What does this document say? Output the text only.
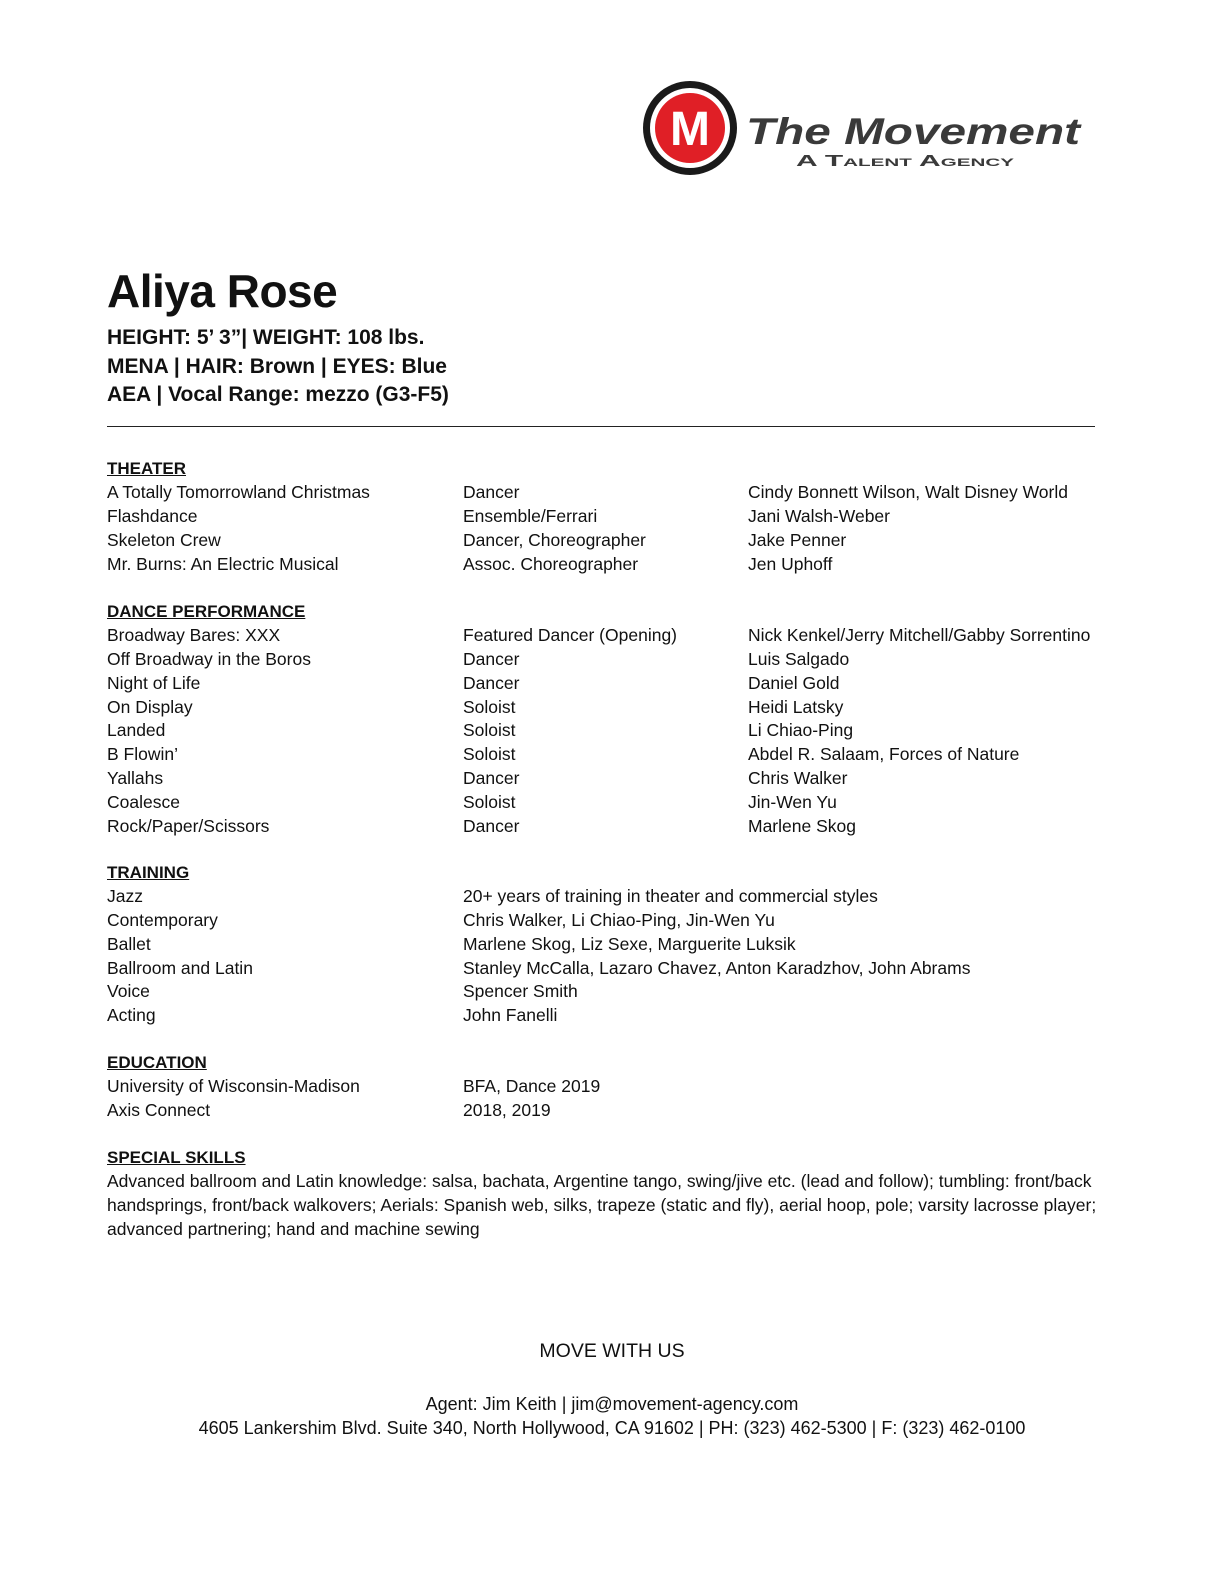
M The Movement
A Talent Agency
Aliya Rose
HEIGHT: 5’ 3”| WEIGHT: 108 lbs.
MENA | HAIR: Brown | EYES: Blue
AEA | Vocal Range: mezzo (G3-F5)
THEATER
A Totally Tomorrowland Christmas	Dancer	Cindy Bonnett Wilson, Walt Disney World
Flashdance	Ensemble/Ferrari	Jani Walsh-Weber
Skeleton Crew	Dancer, Choreographer	Jake Penner
Mr. Burns: An Electric Musical	Assoc. Choreographer	Jen Uphoff
DANCE PERFORMANCE
Broadway Bares: XXX	Featured Dancer (Opening)	Nick Kenkel/Jerry Mitchell/Gabby Sorrentino
Off Broadway in the Boros	Dancer	Luis Salgado
Night of Life	Dancer	Daniel Gold
On Display	Soloist	Heidi Latsky
Landed	Soloist	Li Chiao-Ping
B Flowin’	Soloist	Abdel R. Salaam, Forces of Nature
Yallahs	Dancer	Chris Walker
Coalesce	Soloist	Jin-Wen Yu
Rock/Paper/Scissors	Dancer	Marlene Skog
TRAINING
Jazz	20+ years of training in theater and commercial styles
Contemporary	Chris Walker, Li Chiao-Ping, Jin-Wen Yu
Ballet	Marlene Skog, Liz Sexe, Marguerite Luksik
Ballroom and Latin	Stanley McCalla, Lazaro Chavez, Anton Karadzhov, John Abrams
Voice	Spencer Smith
Acting	John Fanelli
EDUCATION
University of Wisconsin-Madison	BFA, Dance 2019
Axis Connect	2018, 2019
SPECIAL SKILLS
Advanced ballroom and Latin knowledge: salsa, bachata, Argentine tango, swing/jive etc. (lead and follow); tumbling: front/back handsprings, front/back walkovers; Aerials: Spanish web, silks, trapeze (static and fly), aerial hoop, pole; varsity lacrosse player; advanced partnering; hand and machine sewing
MOVE WITH US
Agent: Jim Keith | jim@movement-agency.com
4605 Lankershim Blvd. Suite 340, North Hollywood, CA 91602 | PH: (323) 462-5300 | F: (323) 462-0100
